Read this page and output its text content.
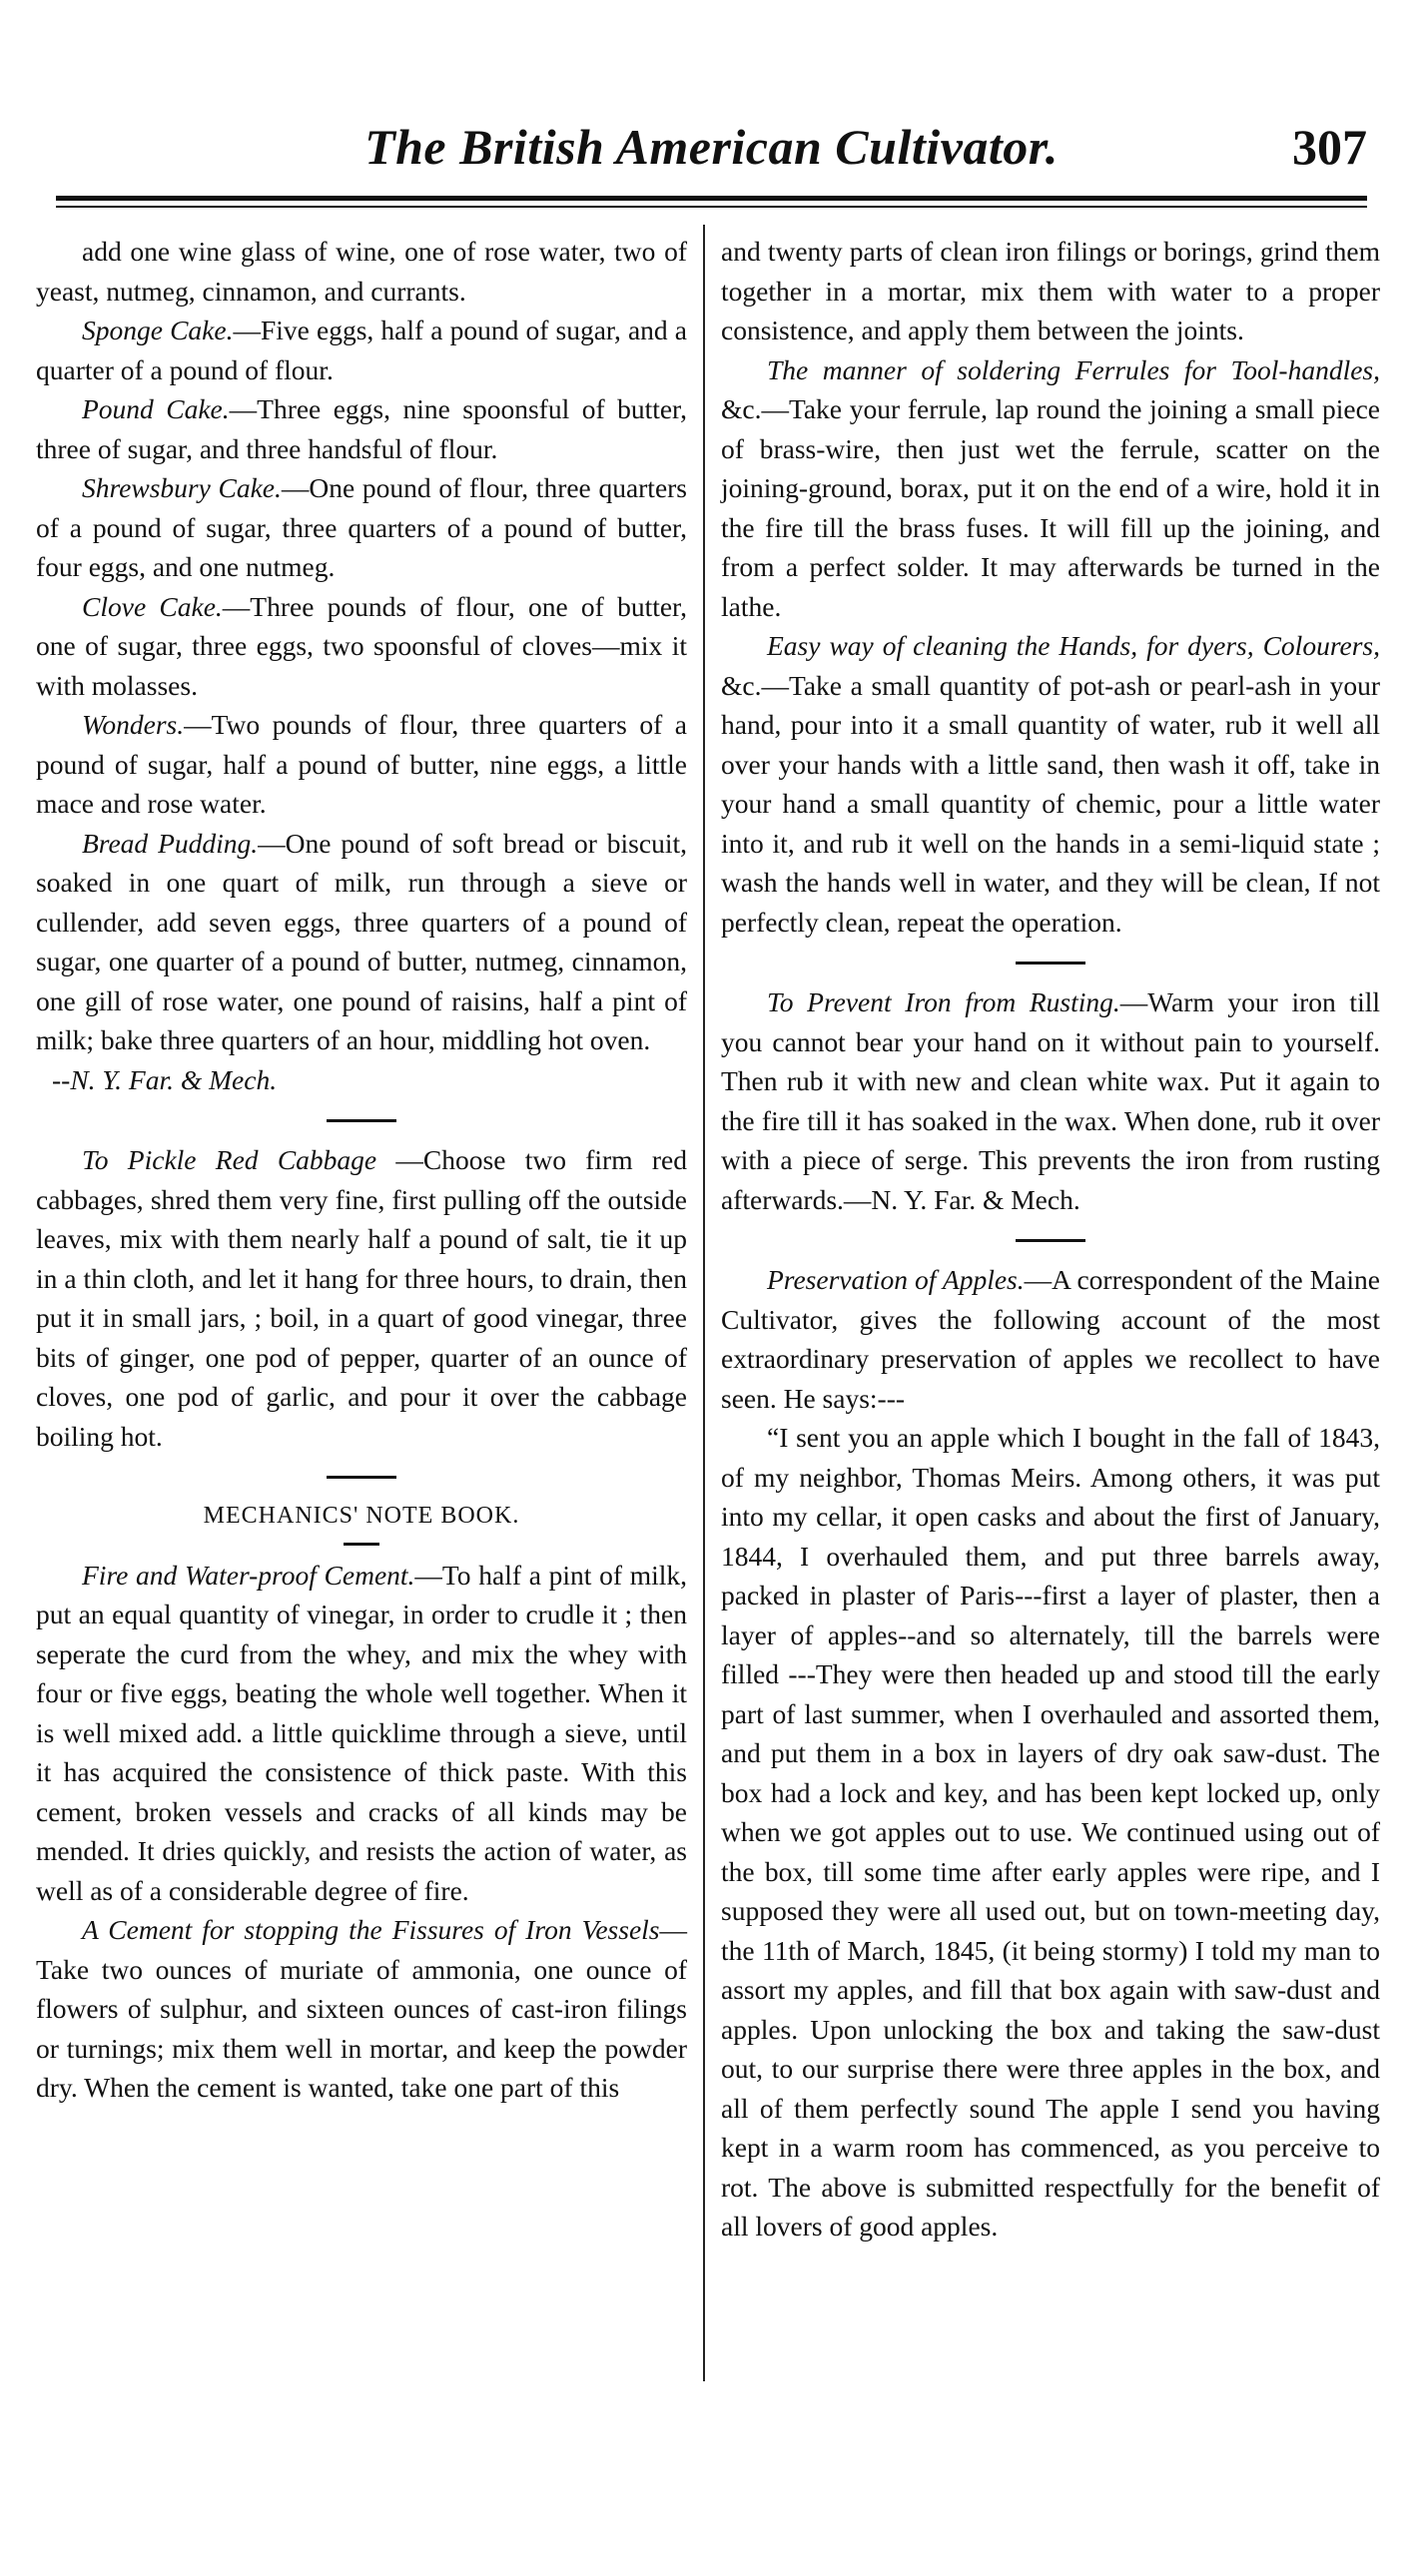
The British American Cultivator.	307

add one wine glass of wine, one of rose water, two of yeast, nutmeg, cinnamon, and currants.

Sponge Cake.—Five eggs, half a pound of sugar, and a quarter of a pound of flour.

Pound Cake.—Three eggs, nine spoonsful of butter, three of sugar, and three handsful of flour.

Shrewsbury Cake.—One pound of flour, three quarters of a pound of sugar, three quarters of a pound of butter, four eggs, and one nutmeg.

Clove Cake.—Three pounds of flour, one of butter, one of sugar, three eggs, two spoonsful of cloves—mix it with molasses.

Wonders.—Two pounds of flour, three quarters of a pound of sugar, half a pound of butter, nine eggs, a little mace and rose water.

Bread Pudding.—One pound of soft bread or biscuit, soaked in one quart of milk, run through a sieve or cullender, add seven eggs, three quarters of a pound of sugar, one quarter of a pound of butter, nutmeg, cinnamon, one gill of rose water, one pound of raisins, half a pint of milk; bake three quarters of an hour, middling hot oven.

--N. Y. Far. & Mech.

To Pickle Red Cabbage —Choose two firm red cabbages, shred them very fine, first pulling off the outside leaves, mix with them nearly half a pound of salt, tie it up in a thin cloth, and let it hang for three hours, to drain, then put it in small jars, ; boil, in a quart of good vinegar, three bits of ginger, one pod of pepper, quarter of an ounce of cloves, one pod of garlic, and pour it over the cabbage boiling hot.

MECHANICS' NOTE BOOK.

Fire and Water-proof Cement.—To half a pint of milk, put an equal quantity of vinegar, in order to crudle it ; then seperate the curd from the whey, and mix the whey with four or five eggs, beating the whole well together. When it is well mixed add. a little quicklime through a sieve, until it has acquired the consistence of thick paste. With this cement, broken vessels and cracks of all kinds may be mended. It dries quickly, and resists the action of water, as well as of a considerable degree of fire.

A Cement for stopping the Fissures of Iron Vessels—Take two ounces of muriate of ammonia, one ounce of flowers of sulphur, and sixteen ounces of cast-iron filings or turnings; mix them well in mortar, and keep the powder dry. When the cement is wanted, take one part of this

and twenty parts of clean iron filings or borings, grind them together in a mortar, mix them with water to a proper consistence, and apply them between the joints.

The manner of soldering Ferrules for Tool-handles, &c.—Take your ferrule, lap round the joining a small piece of brass-wire, then just wet the ferrule, scatter on the joining-ground, borax, put it on the end of a wire, hold it in the fire till the brass fuses. It will fill up the joining, and from a perfect solder. It may afterwards be turned in the lathe.

Easy way of cleaning the Hands, for dyers, Colourers, &c.—Take a small quantity of pot-ash or pearl-ash in your hand, pour into it a small quantity of water, rub it well all over your hands with a little sand, then wash it off, take in your hand a small quantity of chemic, pour a little water into it, and rub it well on the hands in a semi-liquid state ; wash the hands well in water, and they will be clean, If not perfectly clean, repeat the operation.

To Prevent Iron from Rusting.—Warm your iron till you cannot bear your hand on it without pain to yourself. Then rub it with new and clean white wax. Put it again to the fire till it has soaked in the wax. When done, rub it over with a piece of serge. This prevents the iron from rusting afterwards.—N. Y. Far. & Mech.

Preservation of Apples.—A correspondent of the Maine Cultivator, gives the following account of the most extraordinary preservation of apples we recollect to have seen. He says:---

“I sent you an apple which I bought in the fall of 1843, of my neighbor, Thomas Meirs. Among others, it was put into my cellar, it open casks and about the first of January, 1844, I overhauled them, and put three barrels away, packed in plaster of Paris---first a layer of plaster, then a layer of apples--and so alternately, till the barrels were filled ---They were then headed up and stood till the early part of last summer, when I overhauled and assorted them, and put them in a box in layers of dry oak saw-dust. The box had a lock and key, and has been kept locked up, only when we got apples out to use. We continued using out of the box, till some time after early apples were ripe, and I supposed they were all used out, but on town-meeting day, the 11th of March, 1845, (it being stormy) I told my man to assort my apples, and fill that box again with saw-dust and apples. Upon unlocking the box and taking the saw-dust out, to our surprise there were three apples in the box, and all of them perfectly sound The apple I send you having kept in a warm room has commenced, as you perceive to rot. The above is submitted respectfully for the benefit of all lovers of good apples.
